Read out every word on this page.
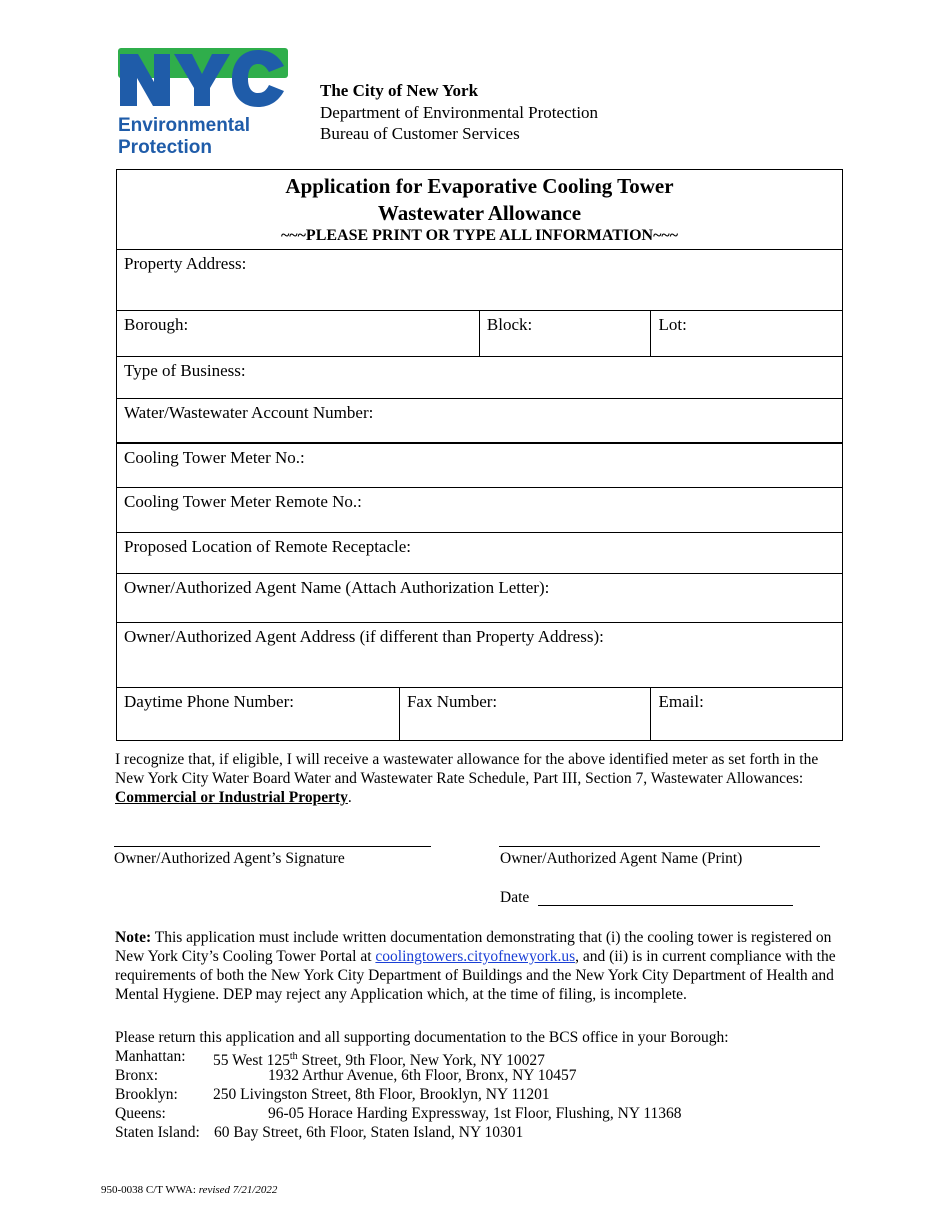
Environmental
Protection
The City of New York
Department of Environmental Protection
Bureau of Customer Services
Application for Evaporative Cooling Tower
Wastewater Allowance
~~~PLEASE PRINT OR TYPE ALL INFORMATION~~~			

Property Address:			
Borough:		Block:	Lot:
Type of Business:			
Water/Wastewater Account Number:			
Cooling Tower Meter No.:			
Cooling Tower Meter Remote No.:			
Proposed Location of Remote Receptacle:			
Owner/Authorized Agent Name (Attach Authorization Letter):			
Owner/Authorized Agent Address (if different than Property Address):			
Daytime Phone Number:	Fax Number:		Email:
I recognize that, if eligible, I will receive a wastewater allowance for the above identified meter as set forth in the New York City Water Board Water and Wastewater Rate Schedule, Part III, Section 7, Wastewater Allowances: Commercial or Industrial Property.
Owner/Authorized Agent’s Signature	Owner/Authorized Agent Name (Print)
Date
Note: This application must include written documentation demonstrating that (i) the cooling tower is registered on New York City’s Cooling Tower Portal at coolingtowers.cityofnewyork.us, and (ii) is in current compliance with the requirements of both the New York City Department of Buildings and the New York City Department of Health and Mental Hygiene. DEP may reject any Application which, at the time of filing, is incomplete.
Please return this application and all supporting documentation to the BCS office in your Borough:
Manhattan: 55 West 125th Street, 9th Floor, New York, NY 10027
Bronx:	1932 Arthur Avenue, 6th Floor, Bronx, NY 10457
Brooklyn: 250 Livingston Street, 8th Floor, Brooklyn, NY 11201
Queens:	96-05 Horace Harding Expressway, 1st Floor, Flushing, NY 11368
Staten Island: 60 Bay Street, 6th Floor, Staten Island, NY 10301
950-0038 C/T WWA: revised 7/21/2022
